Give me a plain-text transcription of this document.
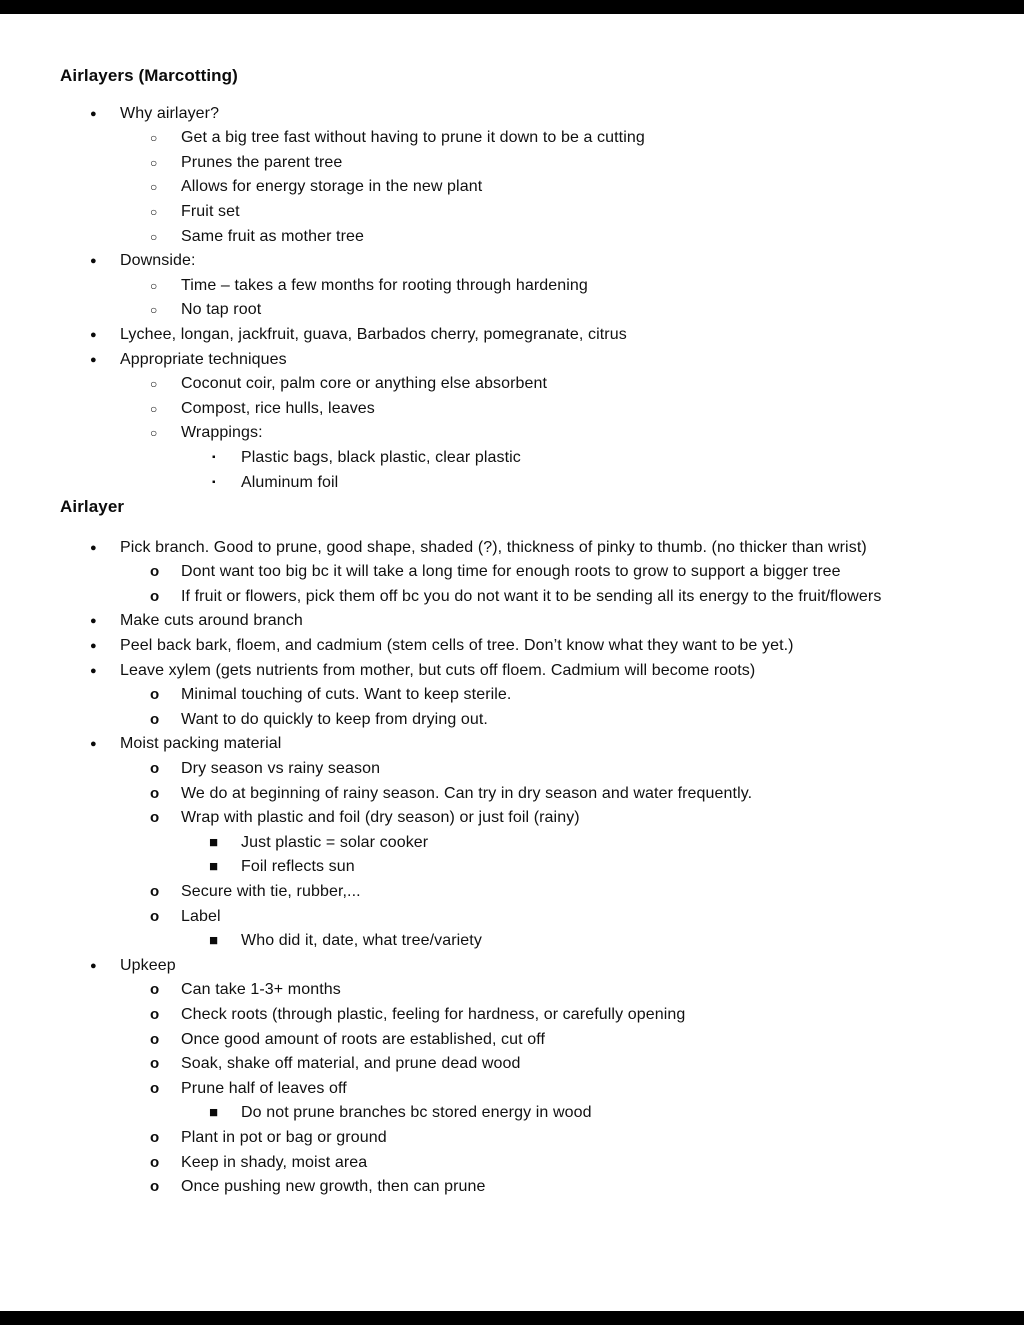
Airlayers (Marcotting)
● Why airlayer?
○ Get a big tree fast without having to prune it down to be a cutting
○ Prunes the parent tree
○ Allows for energy storage in the new plant
○ Fruit set
○ Same fruit as mother tree
● Downside:
○ Time – takes a few months for rooting through hardening
○ No tap root
● Lychee, longan, jackfruit, guava, Barbados cherry, pomegranate, citrus
● Appropriate techniques
○ Coconut coir, palm core or anything else absorbent
○ Compost, rice hulls, leaves
○ Wrappings:
▪ Plastic bags, black plastic, clear plastic
▪ Aluminum foil
Airlayer
● Pick branch. Good to prune, good shape, shaded (?), thickness of pinky to thumb. (no thicker than wrist)
o Dont want too big bc it will take a long time for enough roots to grow to support a bigger tree
o If fruit or flowers, pick them off bc you do not want it to be sending all its energy to the fruit/flowers
● Make cuts around branch
● Peel back bark, floem, and cadmium (stem cells of tree. Don’t know what they want to be yet.)
● Leave xylem (gets nutrients from mother, but cuts off floem. Cadmium will become roots)
o Minimal touching of cuts. Want to keep sterile.
o Want to do quickly to keep from drying out.
● Moist packing material
o Dry season vs rainy season
o We do at beginning of rainy season. Can try in dry season and water frequently.
o Wrap with plastic and foil (dry season) or just foil (rainy)
■ Just plastic = solar cooker
■ Foil reflects sun
o Secure with tie, rubber,...
o Label
■ Who did it, date, what tree/variety
● Upkeep
o Can take 1-3+ months
o Check roots (through plastic, feeling for hardness, or carefully opening
o Once good amount of roots are established, cut off
o Soak, shake off material, and prune dead wood
o Prune half of leaves off
■ Do not prune branches bc stored energy in wood
o Plant in pot or bag or ground
o Keep in shady, moist area
o Once pushing new growth, then can prune
